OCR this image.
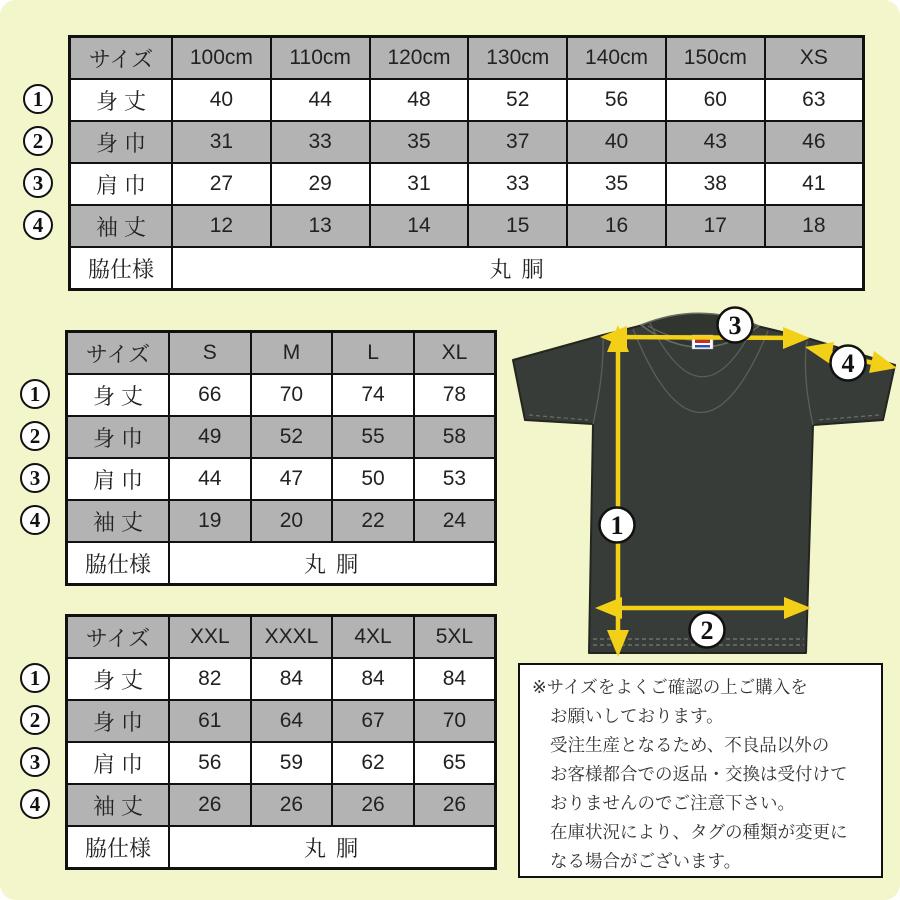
1
2
3
4
サイズ	100cm	110cm	120cm	130cm	140cm	150cm	XS
身 丈	40	44	48	52	56	60	63
身 巾	31	33	35	37	40	43	46
肩 巾	27	29	31	33	35	38	41
袖 丈	12	13	14	15	16	17	18
脇仕様	丸 胴						
1
2
3
4
サイズ	S	M	L	XL
身 丈	66	70	74	78
身 巾	49	52	55	58
肩 巾	44	47	50	53
袖 丈	19	20	22	24
脇仕様	丸 胴			
1
2
3
4
サイズ	XXL	XXXL	4XL	5XL
身 丈	82	84	84	84
身 巾	61	64	67	70
肩 巾	56	59	62	65
袖 丈	26	26	26	26
脇仕様	丸 胴			
1
2
3
4

※サイズをよくご確認の上ご購入を

お願いしております。

受注生産となるため、不良品以外の

お客様都合での返品・交換は受付けて

おりませんのでご注意下さい。

在庫状況により、タグの種類が変更に

なる場合がございます。
